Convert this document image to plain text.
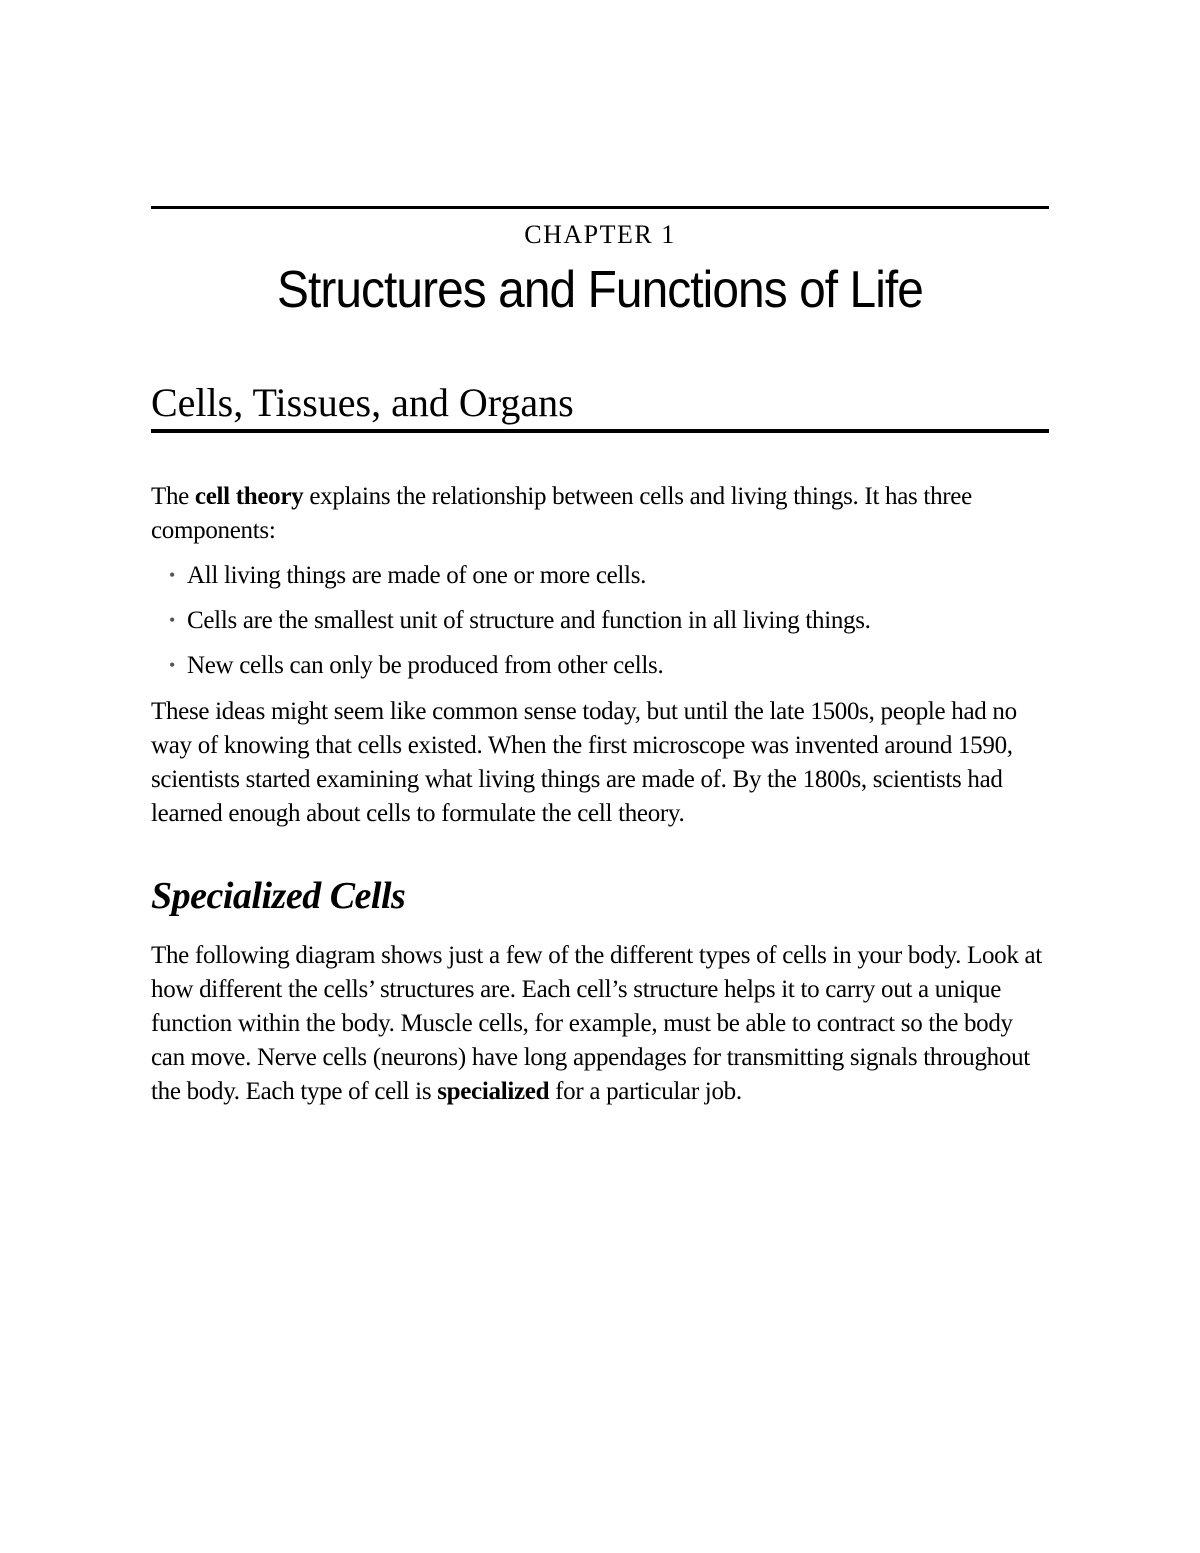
CHAPTER 1
Structures and Functions of Life
Cells, Tissues, and Organs

The cell theory explains the relationship between cells and living things. It has three components:

• All living things are made of one or more cells.
• Cells are the smallest unit of structure and function in all living things.
• New cells can only be produced from other cells.

These ideas might seem like common sense today, but until the late 1500s, people had no way of knowing that cells existed. When the first microscope was invented around 1590, scientists started examining what living things are made of. By the 1800s, scientists had learned enough about cells to formulate the cell theory.

Specialized Cells

The following diagram shows just a few of the different types of cells in your body. Look at how different the cells’ structures are. Each cell’s structure helps it to carry out a unique function within the body. Muscle cells, for example, must be able to contract so the body can move. Nerve cells (neurons) have long appendages for transmitting signals throughout the body. Each type of cell is specialized for a particular job.
